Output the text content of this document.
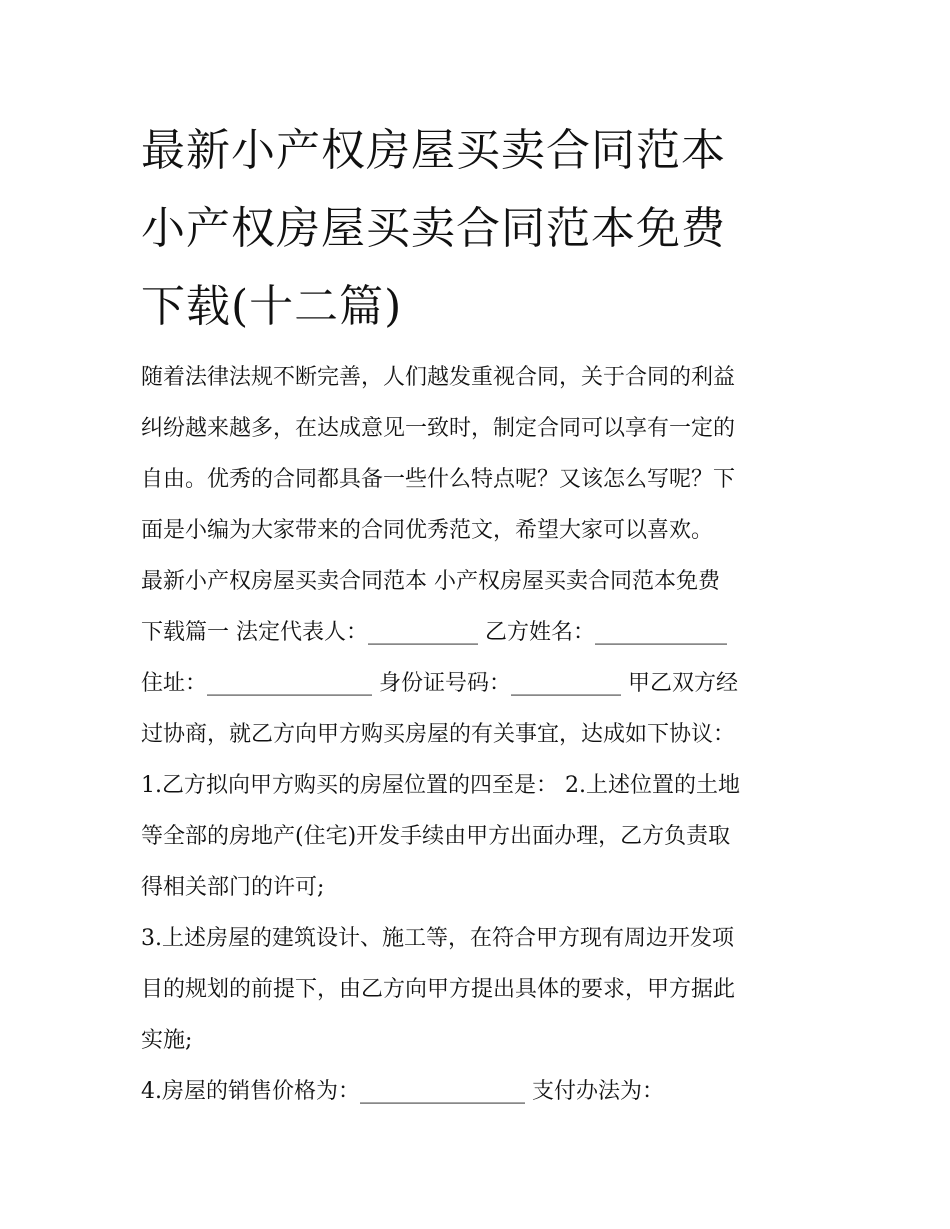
最新小产权房屋买卖合同范本
小产权房屋买卖合同范本免费
下载(十二篇)
随着法律法规不断完善，人们越发重视合同，关于合同的利益
纠纷越来越多，在达成意见一致时，制定合同可以享有一定的
自由。优秀的合同都具备一些什么特点呢？又该怎么写呢？下
面是小编为大家带来的合同优秀范文，希望大家可以喜欢。
最新小产权房屋买卖合同范本 小产权房屋买卖合同范本免费
下载篇一 法定代表人：__________ 乙方姓名：____________
住址：_______________ 身份证号码：__________ 甲乙双方经
过协商，就乙方向甲方购买房屋的有关事宜，达成如下协议：
1.乙方拟向甲方购买的房屋位置的四至是： 2.上述位置的土地
等全部的房地产(住宅)开发手续由甲方出面办理，乙方负责取
得相关部门的许可;
3.上述房屋的建筑设计、施工等，在符合甲方现有周边开发项
目的规划的前提下，由乙方向甲方提出具体的要求，甲方据此
实施;
4.房屋的销售价格为：_______________ 支付办法为：
